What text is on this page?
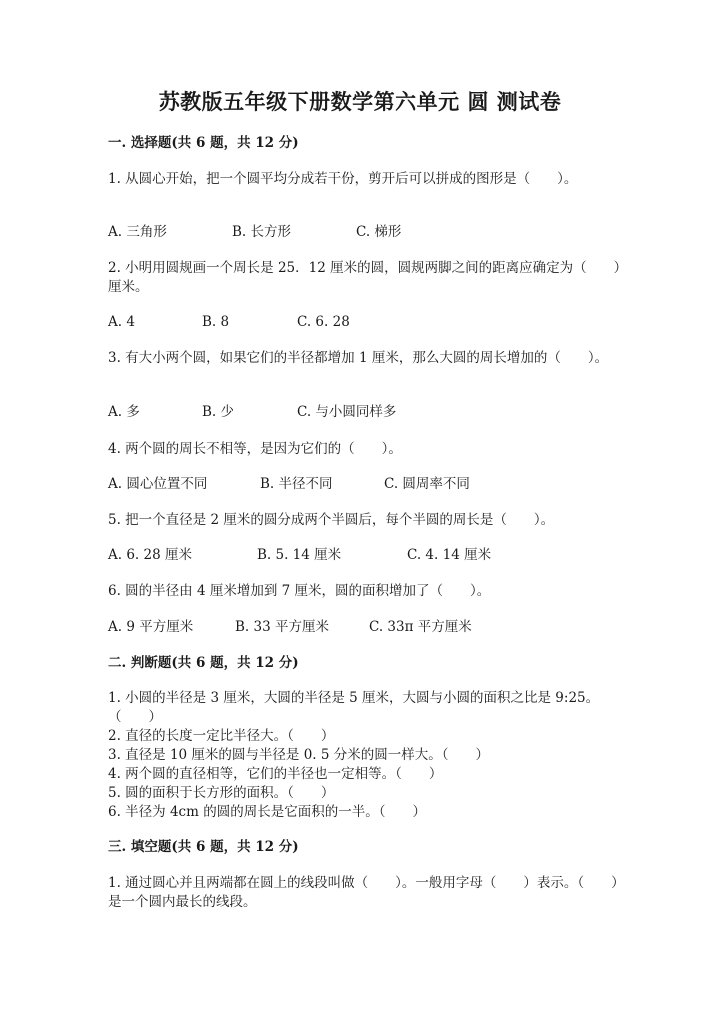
苏教版五年级下册数学第六单元 圆 测试卷
一. 选择题(共 6 题，共 12 分)
1. 从圆心开始，把一个圆平均分成若干份，剪开后可以拼成的图形是（　　）。
A. 三角形	B. 长方形	C. 梯形
2. 小明用圆规画一个周长是 25．12 厘米的圆，圆规两脚之间的距离应确定为（　　）厘米。
A. 4	B. 8	C. 6. 28
3. 有大小两个圆，如果它们的半径都增加 1 厘米，那么大圆的周长增加的（　　）。
A. 多	B. 少	C. 与小圆同样多
4. 两个圆的周长不相等，是因为它们的（　　）。
A. 圆心位置不同	B. 半径不同	C. 圆周率不同
5. 把一个直径是 2 厘米的圆分成两个半圆后，每个半圆的周长是（　　）。
A. 6. 28 厘米	B. 5. 14 厘米	C. 4. 14 厘米
6. 圆的半径由 4 厘米增加到 7 厘米，圆的面积增加了（　　）。
A. 9 平方厘米	B. 33 平方厘米	C. 33π 平方厘米
二. 判断题(共 6 题，共 12 分)
1. 小圆的半径是 3 厘米，大圆的半径是 5 厘米，大圆与小圆的面积之比是 9:25。（　　）
2. 直径的长度一定比半径大。（　　）
3. 直径是 10 厘米的圆与半径是 0. 5 分米的圆一样大。（　　）
4. 两个圆的直径相等，它们的半径也一定相等。（　　）
5. 圆的面积于长方形的面积。（　　）
6. 半径为 4cm 的圆的周长是它面积的一半。（　　）
三. 填空题(共 6 题，共 12 分)
1. 通过圆心并且两端都在圆上的线段叫做（　　）。一般用字母（　　）表示。（　　）是一个圆内最长的线段。
